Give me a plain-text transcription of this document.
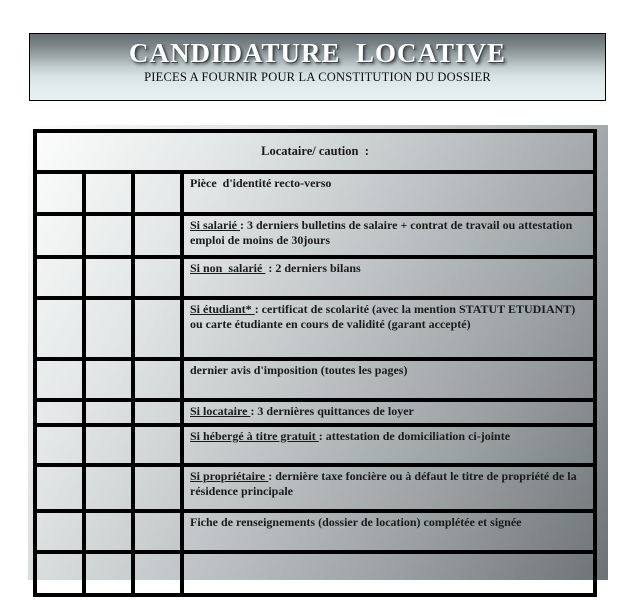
CANDIDATURE  LOCATIVE
PIECES A FOURNIR POUR LA CONSTITUTION DU DOSSIER
Locataire/ caution  :			
			Pièce  d'identité recto-verso
			Si salarié : 3 derniers bulletins de salaire + contrat de travail ou attestation emploi de moins de 30jours
			Si non  salarié  : 2 derniers bilans
			Si étudiant* : certificat de scolarité (avec la mention STATUT ETUDIANT) ou carte étudiante en cours de validité (garant accepté)
			dernier avis d'imposition (toutes les pages)
			Si locataire : 3 dernières quittances de loyer
			Si hébergé à titre gratuit : attestation de domiciliation ci-jointe
			Si propriétaire : dernière taxe foncière ou à défaut le titre de propriété de la résidence principale
			Fiche de renseignements (dossier de location) complétée et signée
